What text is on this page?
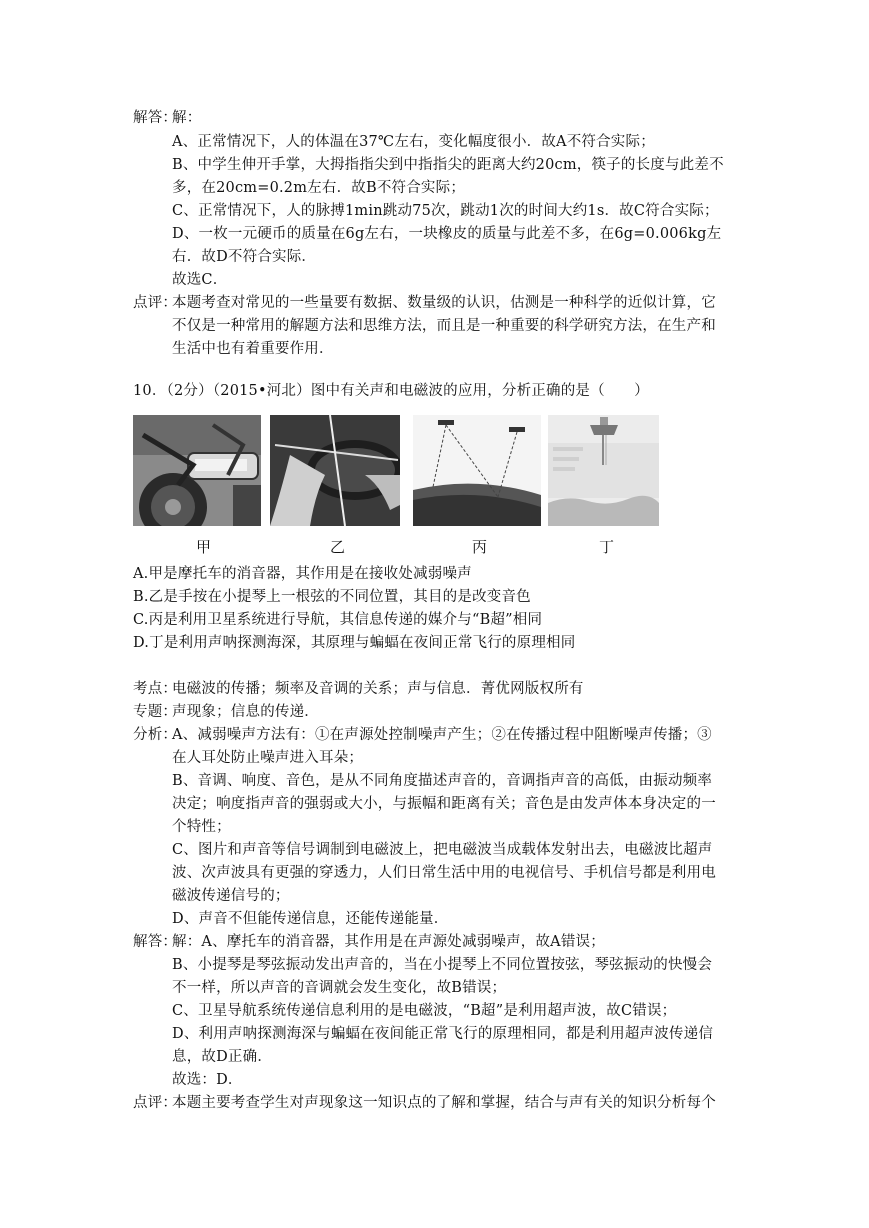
解答：
解：
A、正常情况下，人的体温在37℃左右，变化幅度很小．故A不符合实际；
B、中学生伸开手掌，大拇指指尖到中指指尖的距离大约20cm，筷子的长度与此差不
多，在20cm=0.2m左右．故B不符合实际；
C、正常情况下，人的脉搏1min跳动75次，跳动1次的时间大约1s．故C符合实际；
D、一枚一元硬币的质量在6g左右，一块橡皮的质量与此差不多，在6g=0.006kg左
右．故D不符合实际．
故选C．
点评：
本题考查对常见的一些量要有数据、数量级的认识，估测是一种科学的近似计算，它
不仅是一种常用的解题方法和思维方法，而且是一种重要的科学研究方法，在生产和
生活中也有着重要作用．
10．（2分）（2015•河北）图中有关声和电磁波的应用，分析正确的是（　　）
甲	乙	丙	丁
A.甲是摩托车的消音器，其作用是在接收处减弱噪声
B.乙是手按在小提琴上一根弦的不同位置，其目的是改变音色
C.丙是利用卫星系统进行导航，其信息传递的媒介与“B超”相同
D.丁是利用声呐探测海深，其原理与蝙蝠在夜间正常飞行的原理相同
考点：
电磁波的传播；频率及音调的关系；声与信息．菁优网版权所有
专题：
声现象；信息的传递．
分析：
A、减弱噪声方法有：①在声源处控制噪声产生；②在传播过程中阻断噪声传播；③
在人耳处防止噪声进入耳朵；
B、音调、响度、音色，是从不同角度描述声音的，音调指声音的高低，由振动频率
决定；响度指声音的强弱或大小，与振幅和距离有关；音色是由发声体本身决定的一
个特性；
C、图片和声音等信号调制到电磁波上，把电磁波当成载体发射出去，电磁波比超声
波、次声波具有更强的穿透力，人们日常生活中用的电视信号、手机信号都是利用电
磁波传递信号的；
D、声音不但能传递信息，还能传递能量．
解答：
解：A、摩托车的消音器，其作用是在声源处减弱噪声，故A错误；
B、小提琴是琴弦振动发出声音的，当在小提琴上不同位置按弦，琴弦振动的快慢会
不一样，所以声音的音调就会发生变化，故B错误；
C、卫星导航系统传递信息利用的是电磁波，“B超”是利用超声波，故C错误；
D、利用声呐探测海深与蝙蝠在夜间能正常飞行的原理相同，都是利用超声波传递信
息，故D正确．
故选：D．
点评：
本题主要考查学生对声现象这一知识点的了解和掌握，结合与声有关的知识分析每个
